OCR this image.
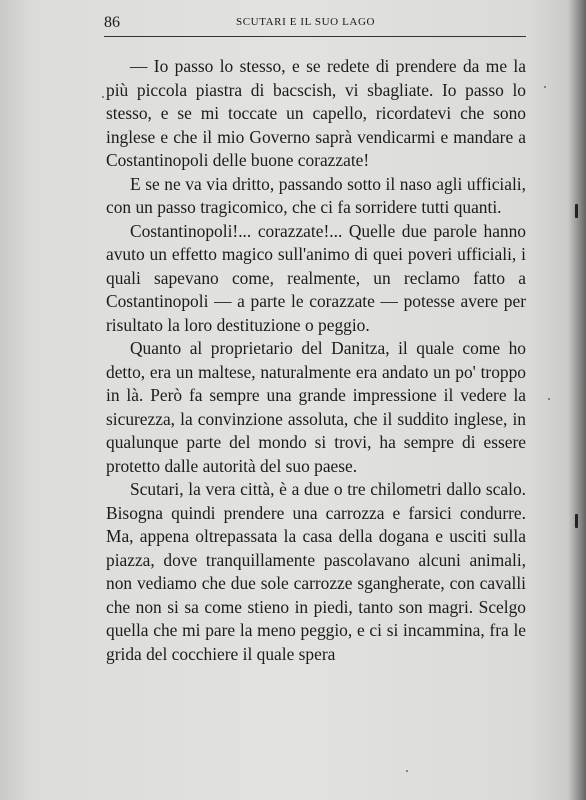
86	SCUTARI E IL SUO LAGO

— Io passo lo stesso, e se redete di prendere da me la più piccola piastra di bacscish, vi sbagliate. Io passo lo stesso, e se mi toccate un capello, ricordatevi che sono inglese e che il mio Governo saprà vendicarmi e mandare a Costantinopoli delle buone corazzate!

E se ne va via dritto, passando sotto il naso agli ufficiali, con un passo tragicomico, che ci fa sorridere tutti quanti.

Costantinopoli!... corazzate!... Quelle due parole hanno avuto un effetto magico sull'animo di quei poveri ufficiali, i quali sapevano come, realmente, un reclamo fatto a Costantinopoli — a parte le corazzate — potesse avere per risultato la loro destituzione o peggio.

Quanto al proprietario del Danitza, il quale come ho detto, era un maltese, naturalmente era andato un po' troppo in là. Però fa sempre una grande impressione il vedere la sicurezza, la convinzione assoluta, che il suddito inglese, in qualunque parte del mondo si trovi, ha sempre di essere protetto dalle autorità del suo paese.

Scutari, la vera città, è a due o tre chilometri dallo scalo. Bisogna quindi prendere una carrozza e farsici condurre. Ma, appena oltrepassata la casa della dogana e usciti sulla piazza, dove tranquillamente pascolavano alcuni animali, non vediamo che due sole carrozze sgangherate, con cavalli che non si sa come stieno in piedi, tanto son magri. Scelgo quella che mi pare la meno peggio, e ci si incammina, fra le grida del cocchiere il quale spera
